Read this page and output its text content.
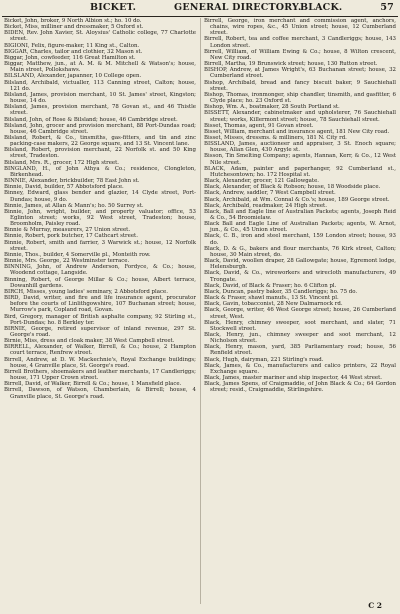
BICKET.	GENERAL DIRECTORY.
BLACK.	57

Bicket, John, broker, 9 North Albion st.; ho. 10 do.

Bicket, Miss, milliner and dressmaker, 5 Oxford st.

BIDEN, Rev. John Xavier, St. Aloysius' Catholic college, 77 Charlotte street.

BIGIONI, Felix, figure-maker, 11 King st., Calton.

BIGGAR, Charles, tailor and clothier, 32 Mason st.

Biggar, John, cowfeeder, 116 Great Hamilton st.

Biggar, Matthew, jun., at A. M. & M. Mitchell & Watson's; house, Main street, Pollokshaws.

BILSLAND, Alexander, japanner, 10 College open.

Bilsland, Archibald, victualler, 113 Canning street, Calton; house, 121 do.

Bilsland, James, provision merchant, 10 St. James' street, Kingston; house, 14 do.

Bilsland, James, provision merchant, 78 Govan st., and 46 Thistle street.

Bilsland, John, of Rose & Bilsland; house, 46 Cambridge street.

Bilsland, John, grocer and provision merchant, 88 Port-Dundas road; house, 46 Cambridge street.

Bilsland, Robert, & Co., tinsmiths, gas-fitters, and tin and zinc packing-case makers, 22 George square, and 13 St. Vincent lane.

Bilsland, Robert, provision merchant, 22 Norfolk st. and 50 King street, Tradeston.

Bilsland, Mrs. R., grocer, 172 High street.

BINGLAND, H., of John Athya & Co.; residence, Clongleton, Birkenhead.

BINNIE, Alexander, brickbuilder, 78 East John st.

Binnie, David, builder, 57 Abbotsford place.

Binney, Edward, glass bender and glazier, 14 Clyde street, Port-Dundas; house, 9 do.

Binnie, James, at Allan & Mann's; ho. 50 Surrey st.

Binnie, John, wright, builder, and property valuator; office, 53 Eglinton street; works, 92 West street, Tradeston; house, Broomholm, Paisley road.

Binnie & Murray, measurers, 27 Union street.

Binnie, Robert, pork butcher, 17 Cathcart street.

Binnie, Robert, smith and farrier, 3 Warwick st.; house, 12 Norfolk street.

Binnie, Thos., builder, 4 Somerville pl., Monteith row.

Binnie, Mrs. George, 22 Westminster terrace.

BINNING, John, of Andrew Anderson, Fordyce, & Co.; house, Woodend cottage, Langside.

Binning, Robert, of George Millar & Co.; house, Albert terrace, Dowanhill gardens.

BIRCH, Misses, young ladies' seminary, 2 Abbotsford place.

BIRD, David, writer, and fire and life insurance agent, procurator before the courts of Linlithgowshire, 107 Buchanan street; house, Murrow's park, Copland road, Govan.

Bird, Gregory, manager of British asphalte company, 92 Stirling st., Port-Dundas; ho. 8 Berkley ter.

BIRNIE, George, retired supervisor of inland revenue, 297 St. George's road.

Birnie, Miss, dress and cloak maker, 38 West Campbell street.

BIRRELL, Alexander, of Walker, Birrell, & Co.; house, 2 Hampton court terrace, Renfrew street.

Birrell, Andrew, at D. W. Mackechnie's, Royal Exchange buildings; house, 4 Granville place, St. George's road.

Birrell Brothers, shoemakers and leather merchants, 17 Candleriggs; house, 171 Upper Crown street.

Birrell, David, of Walker, Birrell & Co.; house, 1 Mansfield place.

Birrell, Dawson, of Watson, Chamberlain, & Birrell; house, 4 Granville place, St. George's road.

Birrell, George, iron merchant and commission agent, anchors, chains, wire ropes, &c., 45 Union street; house, 12 Cumberland street.

Birrell, Robert, tea and coffee merchant, 3 Candleriggs; house, 143 London street.

Birrell, William, of William Ewing & Co.; house, 8 Wilton crescent, New City road.

Birrell, Martha, 19 Brunswick street; house, 130 Rutton street.

BISHOP, Andrew, at James Wright's, 63 Buchanan street; house, 32 Cumberland street.

Bishop, Archibald, bread and fancy biscuit baker, 9 Sauchiehall street.

Bishop, Thomas, ironmonger, ship chandler, tinsmith, and gasfitter, 6 Clyde place; ho. 23 Oxford st.

Bishop, Wm. A., boatmaker, 28 South Portland st.

BISSETT, Alexander, cabinetmaker and upholsterer, 76 Sauchiehall street; works, Killermont street; house, 78 Sauchiehall street.

Bisset, Thomas, agent, 91 Govan street.

Bisset, William, merchant and insurance agent, 181 New City road.

Bisset, Misses, dressms. & milliners, 181 N. City rd.

BISSLAND, James, auctioneer and appraiser, 3 St. Enoch square; house, Allan Glen, 430 Argyle st.

Bisson, Tin Smelting Company; agents, Hannan, Kerr, & Co., 12 West Nile street.

BLACK, Adam, painter and paperhanger, 92 Cumberland st., Hutchesontown; ho. 172 Hospital st.

Black, Alexander, grocer, 121 Gallowgate.

Black, Alexander, of Black & Robson; house, 18 Woodside place.

Black, Andrew, saddler, 7 West Campbell street.

Black, Archibald, at Wm. Connal & Co.'s; house, 189 George street.

Black, Archibald, readmaker, 24 High street.

Black, Ball and Eagle line of Australian Packets; agents, Joseph Reid & Co., 54 Broomielaw.

Black Ball and Eagle Line of Australian Packets; agents, W. Arnot, jun., & Co., 45 Union street.

Black, C. B., iron and steel merchant, 159 London street; house, 93 do.

Black, D. & G., bakers and flour merchants, 76 Kirk street, Calton; house, 30 Main street, do.

Black, David, woollen draper, 28 Gallowgate; house, Egremont lodge, Helensburgh.

Black, David, & Co., wireworkers and wirecloth manufacturers, 49 Trongate.

Black, David, of Black & Fraser; ho. 6 Clifton pl.

Black, Duncan, pastry baker, 35 Candleriggs; ho. 75 do.

Black & Fraser, shawl manufs., 13 St. Vincent pl.

Black, Gavin, tobacconist, 28 New Dalmarnock rd.

Black, George, writer, 46 West George street; house, 26 Cumberland street, West.

Black, Henry, chimney sweeper, soot merchant, and slater, 71 Stockwell street.

Black, Henry, jun., chimney sweeper and soot merchant, 12 Nicholson street.

Black, Henry, mason, yard, 385 Parliamentary road; house, 56 Renfield street.

Black, Hugh, dairyman, 221 Stirling's road.

Black, James, & Co., manufacturers and calico printers, 22 Royal Exchange square.

Black, James, master mariner and ship inspector, 44 West street.

Black, James Spens, of Craigmaddie, of John Black & Co.; 64 Gordon street; resid., Craigmaddie, Stirlingshire.

C 2
